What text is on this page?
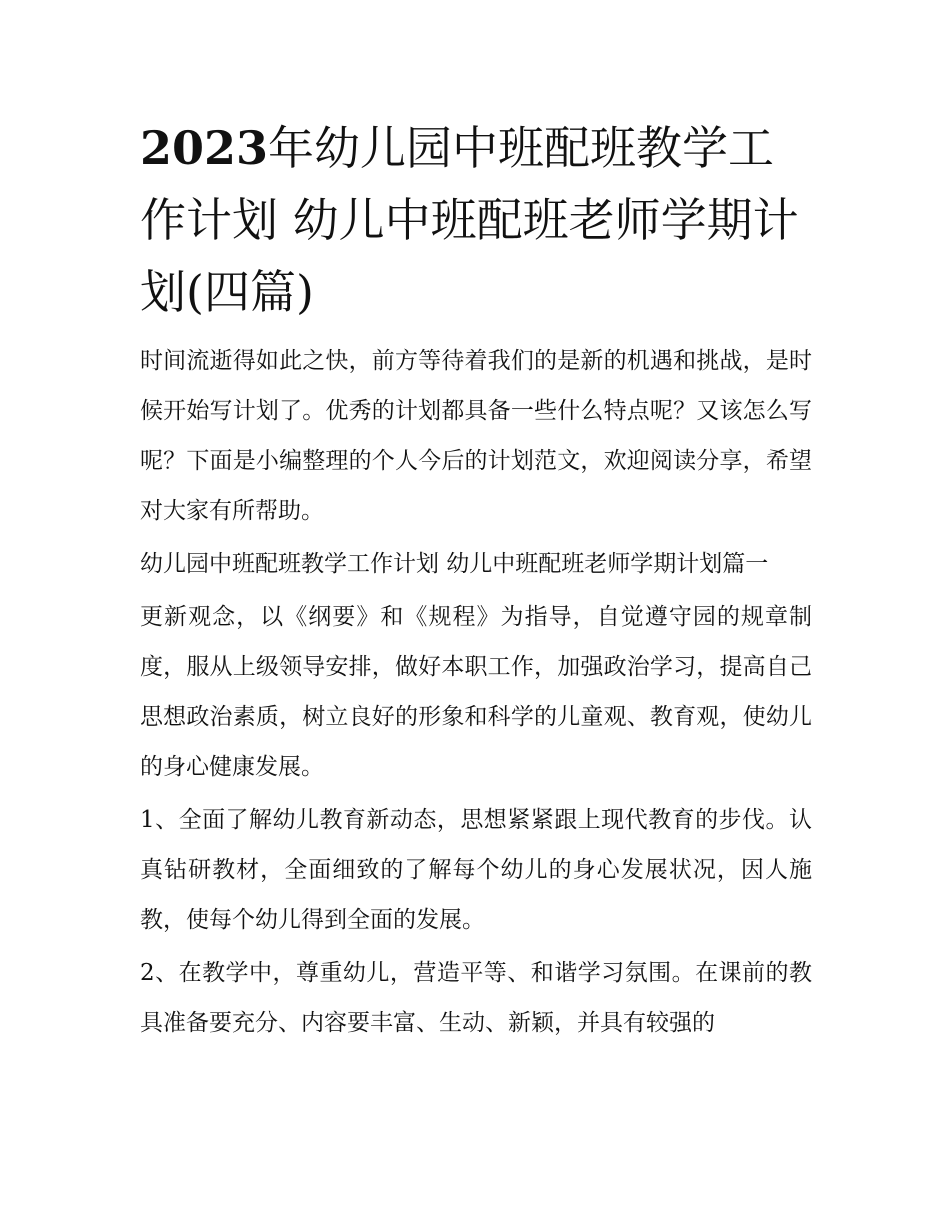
2023年幼儿园中班配班教学工作计划 幼儿中班配班老师学期计划(四篇)

时间流逝得如此之快，前方等待着我们的是新的机遇和挑战，是时候开始写计划了。优秀的计划都具备一些什么特点呢？又该怎么写呢？下面是小编整理的个人今后的计划范文，欢迎阅读分享，希望对大家有所帮助。

幼儿园中班配班教学工作计划 幼儿中班配班老师学期计划篇一

更新观念，以《纲要》和《规程》为指导，自觉遵守园的规章制度，服从上级领导安排，做好本职工作，加强政治学习，提高自己思想政治素质，树立良好的形象和科学的儿童观、教育观，使幼儿的身心健康发展。

1、全面了解幼儿教育新动态，思想紧紧跟上现代教育的步伐。认真钻研教材，全面细致的了解每个幼儿的身心发展状况，因人施教，使每个幼儿得到全面的发展。

2、在教学中，尊重幼儿，营造平等、和谐学习氛围。在课前的教具准备要充分、内容要丰富、生动、新颖，并具有较强的
